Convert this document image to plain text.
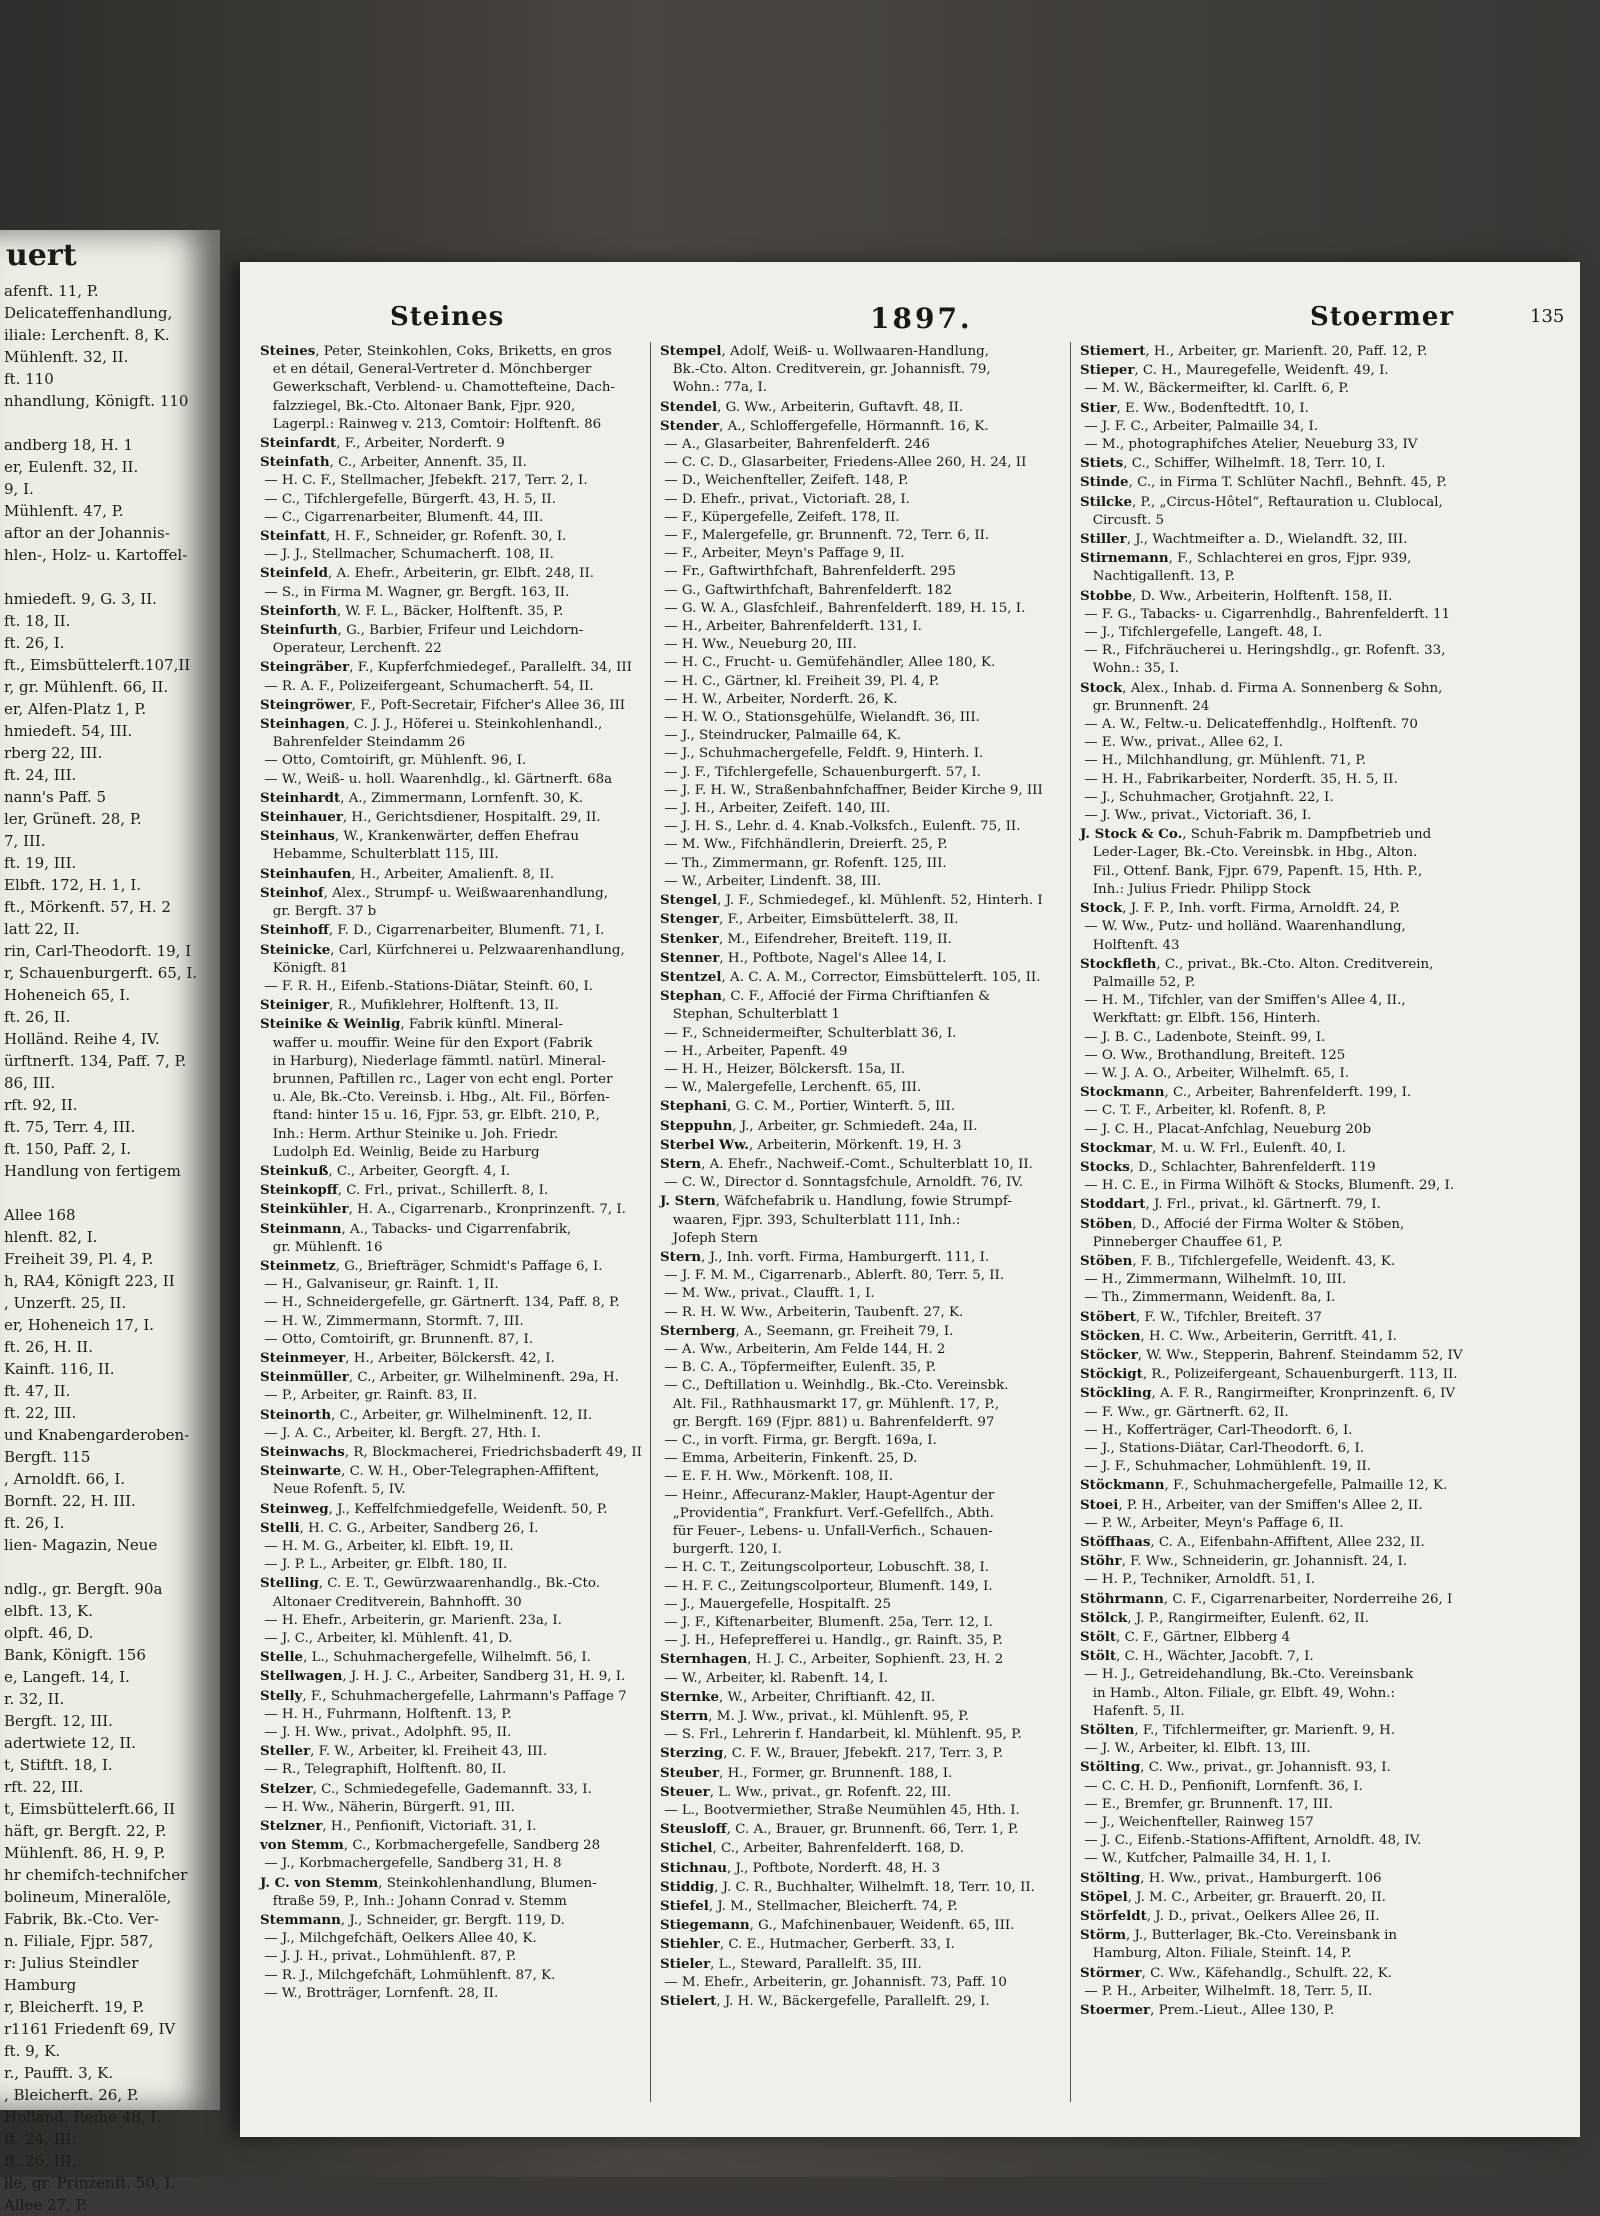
uert
afenft. 11, P.
Delicateffenhandlung,
iliale: Lerchenft. 8, K.
Mühlenft. 32, II.
ft. 110
nhandlung, Königft. 110

andberg 18, H. 1
er, Eulenft. 32, II.
9, I.
Mühlenft. 47, P.
aftor an der Johannis-
hlen-, Holz- u. Kartoffel-

hmiedeft. 9, G. 3, II.
ft. 18, II.
ft. 26, I.
ft., Eimsbüttelerft.107,II
r, gr. Mühlenft. 66, II.
er, Alfen-Platz 1, P.
hmiedeft. 54, III.
rberg 22, III.
ft. 24, III.
nann's Paff. 5
ler, Grüneft. 28, P.
7, III.
ft. 19, III.
Elbft. 172, H. 1, I.
ft., Mörkenft. 57, H. 2
latt 22, II.
rin, Carl-Theodorft. 19, I
r, Schauenburgerft. 65, I.
Hoheneich 65, I.
ft. 26, II.
Holländ. Reihe 4, IV.
ürftnerft. 134, Paff. 7, P.
86, III.
rft. 92, II.
ft. 75, Terr. 4, III.
ft. 150, Paff. 2, I.
Handlung von fertigem

Allee 168
hlenft. 82, I.
Freiheit 39, Pl. 4, P.
h, RA4, Königft 223, II
, Unzerft. 25, II.
er, Hoheneich 17, I.
ft. 26, H. II.
Kainft. 116, II.
ft. 47, II.
ft. 22, III.
und Knabengarderoben-
Bergft. 115
, Arnoldft. 66, I.
Bornft. 22, H. III.
ft. 26, I.
lien- Magazin, Neue

ndlg., gr. Bergft. 90a
elbft. 13, K.
olpft. 46, D.
Bank, Königft. 156
e, Langeft. 14, I.
r. 32, II.
Bergft. 12, III.
adertwiete 12, II.
t, Stiftft. 18, I.
rft. 22, III.
t, Eimsbüttelerft.66, II
häft, gr. Bergft. 22, P.
Mühlenft. 86, H. 9, P.
hr chemifch-technifcher
bolineum, Mineralöle,
Fabrik, Bk.-Cto. Ver-
n. Filiale, Fjpr. 587,
r: Julius Steindler
Hamburg
r, Bleicherft. 19, P.
r1161 Friedenft 69, IV
ft. 9, K.
r., Paufft. 3, K.
, Bleicherft. 26, P.
Holländ. Reihe 48, I.
ft. 24, III.
ft. 26, III.
lle, gr. Prinzenft. 50, I.
Allee 27, P.
Steines	1897.	Stoermer	135
Steines, Peter, Steinkohlen, Coks, Briketts, en gros
et en détail, General-Vertreter d. Mönchberger
Gewerkschaft, Verblend- u. Chamottefteine, Dach-
falzziegel, Bk.-Cto. Altonaer Bank, Fjpr. 920,
Lagerpl.: Rainweg v. 213, Comtoir: Holftenft. 86
Steinfardt, F., Arbeiter, Norderft. 9
Steinfath, C., Arbeiter, Annenft. 35, II.
— H. C. F., Stellmacher, Jfebekft. 217, Terr. 2, I.
— C., Tifchlergefelle, Bürgerft. 43, H. 5, II.
— C., Cigarrenarbeiter, Blumenft. 44, III.
Steinfatt, H. F., Schneider, gr. Rofenft. 30, I.
— J. J., Stellmacher, Schumacherft. 108, II.
Steinfeld, A. Ehefr., Arbeiterin, gr. Elbft. 248, II.
— S., in Firma M. Wagner, gr. Bergft. 163, II.
Steinforth, W. F. L., Bäcker, Holftenft. 35, P.
Steinfurth, G., Barbier, Frifeur und Leichdorn-
Operateur, Lerchenft. 22
Steingräber, F., Kupferfchmiedegef., Parallelft. 34, III
— R. A. F., Polizeifergeant, Schumacherft. 54, II.
Steingröwer, F., Poft-Secretair, Fifcher's Allee 36, III
Steinhagen, C. J. J., Höferei u. Steinkohlenhandl.,
Bahrenfelder Steindamm 26
— Otto, Comtoirift, gr. Mühlenft. 96, I.
— W., Weiß- u. holl. Waarenhdlg., kl. Gärtnerft. 68a
Steinhardt, A., Zimmermann, Lornfenft. 30, K.
Steinhauer, H., Gerichtsdiener, Hospitalft. 29, II.
Steinhaus, W., Krankenwärter, deffen Ehefrau
Hebamme, Schulterblatt 115, III.
Steinhaufen, H., Arbeiter, Amalienft. 8, II.
Steinhof, Alex., Strumpf- u. Weißwaarenhandlung,
gr. Bergft. 37 b
Steinhoff, F. D., Cigarrenarbeiter, Blumenft. 71, I.
Steinicke, Carl, Kürfchnerei u. Pelzwaarenhandlung,
Königft. 81
— F. R. H., Eifenb.-Stations-Diätar, Steinft. 60, I.
Steiniger, R., Mufiklehrer, Holftenft. 13, II.
Steinike & Weinlig, Fabrik künftl. Mineral-
waffer u. mouffir. Weine für den Export (Fabrik
in Harburg), Niederlage fämmtl. natürl. Mineral-
brunnen, Paftillen rc., Lager von echt engl. Porter
u. Ale, Bk.-Cto. Vereinsb. i. Hbg., Alt. Fil., Börfen-
ftand: hinter 15 u. 16, Fjpr. 53, gr. Elbft. 210, P.,
Inh.: Herm. Arthur Steinike u. Joh. Friedr.
Ludolph Ed. Weinlig, Beide zu Harburg
Steinkuß, C., Arbeiter, Georgft. 4, I.
Steinkopff, C. Frl., privat., Schillerft. 8, I.
Steinkühler, H. A., Cigarrenarb., Kronprinzenft. 7, I.
Steinmann, A., Tabacks- und Cigarrenfabrik,
gr. Mühlenft. 16
Steinmetz, G., Briefträger, Schmidt's Paffage 6, I.
— H., Galvaniseur, gr. Rainft. 1, II.
— H., Schneidergefelle, gr. Gärtnerft. 134, Paff. 8, P.
— H. W., Zimmermann, Stormft. 7, III.
— Otto, Comtoirift, gr. Brunnenft. 87, I.
Steinmeyer, H., Arbeiter, Bölckersft. 42, I.
Steinmüller, C., Arbeiter, gr. Wilhelminenft. 29a, H.
— P., Arbeiter, gr. Rainft. 83, II.
Steinorth, C., Arbeiter, gr. Wilhelminenft. 12, II.
— J. A. C., Arbeiter, kl. Bergft. 27, Hth. I.
Steinwachs, R, Blockmacherei, Friedrichsbaderft 49, II
Steinwarte, C. W. H., Ober-Telegraphen-Affiftent,
Neue Rofenft. 5, IV.
Steinweg, J., Keffelfchmiedgefelle, Weidenft. 50, P.
Stelli, H. C. G., Arbeiter, Sandberg 26, I.
— H. M. G., Arbeiter, kl. Elbft. 19, II.
— J. P. L., Arbeiter, gr. Elbft. 180, II.
Stelling, C. E. T., Gewürzwaarenhandlg., Bk.-Cto.
Altonaer Creditverein, Bahnhofft. 30
— H. Ehefr., Arbeiterin, gr. Marienft. 23a, I.
— J. C., Arbeiter, kl. Mühlenft. 41, D.
Stelle, L., Schuhmachergefelle, Wilhelmft. 56, I.
Stellwagen, J. H. J. C., Arbeiter, Sandberg 31, H. 9, I.
Stelly, F., Schuhmachergefelle, Lahrmann's Paffage 7
— H. H., Fuhrmann, Holftenft. 13, P.
— J. H. Ww., privat., Adolphft. 95, II.
Steller, F. W., Arbeiter, kl. Freiheit 43, III.
— R., Telegraphift, Holftenft. 80, II.
Stelzer, C., Schmiedegefelle, Gademannft. 33, I.
— H. Ww., Näherin, Bürgerft. 91, III.
Stelzner, H., Penfionift, Victoriaft. 31, I.
von Stemm, C., Korbmachergefelle, Sandberg 28
— J., Korbmachergefelle, Sandberg 31, H. 8
J. C. von Stemm, Steinkohlenhandlung, Blumen-
ftraße 59, P., Inh.: Johann Conrad v. Stemm
Stemmann, J., Schneider, gr. Bergft. 119, D.
— J., Milchgefchäft, Oelkers Allee 40, K.
— J. J. H., privat., Lohmühlenft. 87, P.
— R. J., Milchgefchäft, Lohmühlenft. 87, K.
— W., Brotträger, Lornfenft. 28, II.
Stempel, Adolf, Weiß- u. Wollwaaren-Handlung,
Bk.-Cto. Alton. Creditverein, gr. Johannisft. 79,
Wohn.: 77a, I.
Stendel, G. Ww., Arbeiterin, Guftavft. 48, II.
Stender, A., Schloffergefelle, Hörmannft. 16, K.
— A., Glasarbeiter, Bahrenfelderft. 246
— C. C. D., Glasarbeiter, Friedens-Allee 260, H. 24, II
— D., Weichenfteller, Zeifeft. 148, P.
— D. Ehefr., privat., Victoriaft. 28, I.
— F., Küpergefelle, Zeifeft. 178, II.
— F., Malergefelle, gr. Brunnenft. 72, Terr. 6, II.
— F., Arbeiter, Meyn's Paffage 9, II.
— Fr., Gaftwirthfchaft, Bahrenfelderft. 295
— G., Gaftwirthfchaft, Bahrenfelderft. 182
— G. W. A., Glasfchleif., Bahrenfelderft. 189, H. 15, I.
— H., Arbeiter, Bahrenfelderft. 131, I.
— H. Ww., Neueburg 20, III.
— H. C., Frucht- u. Gemüfehändler, Allee 180, K.
— H. C., Gärtner, kl. Freiheit 39, Pl. 4, P.
— H. W., Arbeiter, Norderft. 26, K.
— H. W. O., Stationsgehülfe, Wielandft. 36, III.
— J., Steindrucker, Palmaille 64, K.
— J., Schuhmachergefelle, Feldft. 9, Hinterh. I.
— J. F., Tifchlergefelle, Schauenburgerft. 57, I.
— J. F. H. W., Straßenbahnfchaffner, Beider Kirche 9, III
— J. H., Arbeiter, Zeifeft. 140, III.
— J. H. S., Lehr. d. 4. Knab.-Volksfch., Eulenft. 75, II.
— M. Ww., Fifchhändlerin, Dreierft. 25, P.
— Th., Zimmermann, gr. Rofenft. 125, III.
— W., Arbeiter, Lindenft. 38, III.
Stengel, J. F., Schmiedegef., kl. Mühlenft. 52, Hinterh. I
Stenger, F., Arbeiter, Eimsbüttelerft. 38, II.
Stenker, M., Eifendreher, Breiteft. 119, II.
Stenner, H., Poftbote, Nagel's Allee 14, I.
Stentzel, A. C. A. M., Corrector, Eimsbüttelerft. 105, II.
Stephan, C. F., Affocié der Firma Chriftianfen &
Stephan, Schulterblatt 1
— F., Schneidermeifter, Schulterblatt 36, I.
— H., Arbeiter, Papenft. 49
— H. H., Heizer, Bölckersft. 15a, II.
— W., Malergefelle, Lerchenft. 65, III.
Stephani, G. C. M., Portier, Winterft. 5, III.
Steppuhn, J., Arbeiter, gr. Schmiedeft. 24a, II.
Sterbel Ww., Arbeiterin, Mörkenft. 19, H. 3
Stern, A. Ehefr., Nachweif.-Comt., Schulterblatt 10, II.
— C. W., Director d. Sonntagsfchule, Arnoldft. 76, IV.
J. Stern, Wäfchefabrik u. Handlung, fowie Strumpf-
waaren, Fjpr. 393, Schulterblatt 111, Inh.:
Jofeph Stern
Stern, J., Inh. vorft. Firma, Hamburgerft. 111, I.
— J. F. M. M., Cigarrenarb., Ablerft. 80, Terr. 5, II.
— M. Ww., privat., Claufft. 1, I.
— R. H. W. Ww., Arbeiterin, Taubenft. 27, K.
Sternberg, A., Seemann, gr. Freiheit 79, I.
— A. Ww., Arbeiterin, Am Felde 144, H. 2
— B. C. A., Töpfermeifter, Eulenft. 35, P.
— C., Deftillation u. Weinhdlg., Bk.-Cto. Vereinsbk.
Alt. Fil., Rathhausmarkt 17, gr. Mühlenft. 17, P.,
gr. Bergft. 169 (Fjpr. 881) u. Bahrenfelderft. 97
— C., in vorft. Firma, gr. Bergft. 169a, I.
— Emma, Arbeiterin, Finkenft. 25, D.
— E. F. H. Ww., Mörkenft. 108, II.
— Heinr., Affecuranz-Makler, Haupt-Agentur der
„Providentia“, Frankfurt. Verf.-Gefellfch., Abth.
für Feuer-, Lebens- u. Unfall-Verfich., Schauen-
burgerft. 120, I.
— H. C. T., Zeitungscolporteur, Lobuschft. 38, I.
— H. F. C., Zeitungscolporteur, Blumenft. 149, I.
— J., Mauergefelle, Hospitalft. 25
— J. F., Kiftenarbeiter, Blumenft. 25a, Terr. 12, I.
— J. H., Hefeprefferei u. Handlg., gr. Rainft. 35, P.
Sternhagen, H. J. C., Arbeiter, Sophienft. 23, H. 2
— W., Arbeiter, kl. Rabenft. 14, I.
Sternke, W., Arbeiter, Chriftianft. 42, II.
Sterrn, M. J. Ww., privat., kl. Mühlenft. 95, P.
— S. Frl., Lehrerin f. Handarbeit, kl. Mühlenft. 95, P.
Sterzing, C. F. W., Brauer, Jfebekft. 217, Terr. 3, P.
Steuber, H., Former, gr. Brunnenft. 188, I.
Steuer, L. Ww., privat., gr. Rofenft. 22, III.
— L., Bootvermiether, Straße Neumühlen 45, Hth. I.
Steusloff, C. A., Brauer, gr. Brunnenft. 66, Terr. 1, P.
Stichel, C., Arbeiter, Bahrenfelderft. 168, D.
Stichnau, J., Poftbote, Norderft. 48, H. 3
Stiddig, J. C. R., Buchhalter, Wilhelmft. 18, Terr. 10, II.
Stiefel, J. M., Stellmacher, Bleicherft. 74, P.
Stiegemann, G., Mafchinenbauer, Weidenft. 65, III.
Stiehler, C. E., Hutmacher, Gerberft. 33, I.
Stieler, L., Steward, Parallelft. 35, III.
— M. Ehefr., Arbeiterin, gr. Johannisft. 73, Paff. 10
Stielert, J. H. W., Bäckergefelle, Parallelft. 29, I.
Stiemert, H., Arbeiter, gr. Marienft. 20, Paff. 12, P.
Stieper, C. H., Mauregefelle, Weidenft. 49, I.
— M. W., Bäckermeifter, kl. Carlft. 6, P.
Stier, E. Ww., Bodenftedtft. 10, I.
— J. F. C., Arbeiter, Palmaille 34, I.
— M., photographifches Atelier, Neueburg 33, IV
Stiets, C., Schiffer, Wilhelmft. 18, Terr. 10, I.
Stinde, C., in Firma T. Schlüter Nachfl., Behnft. 45, P.
Stilcke, P., „Circus-Hôtel“, Reftauration u. Clublocal,
Circusft. 5
Stiller, J., Wachtmeifter a. D., Wielandft. 32, III.
Stirnemann, F., Schlachterei en gros, Fjpr. 939,
Nachtigallenft. 13, P.
Stobbe, D. Ww., Arbeiterin, Holftenft. 158, II.
— F. G., Tabacks- u. Cigarrenhdlg., Bahrenfelderft. 11
— J., Tifchlergefelle, Langeft. 48, I.
— R., Fifchräucherei u. Heringshdlg., gr. Rofenft. 33,
Wohn.: 35, I.
Stock, Alex., Inhab. d. Firma A. Sonnenberg & Sohn,
gr. Brunnenft. 24
— A. W., Feltw.-u. Delicateffenhdlg., Holftenft. 70
— E. Ww., privat., Allee 62, I.
— H., Milchhandlung, gr. Mühlenft. 71, P.
— H. H., Fabrikarbeiter, Norderft. 35, H. 5, II.
— J., Schuhmacher, Grotjahnft. 22, I.
— J. Ww., privat., Victoriaft. 36, I.
J. Stock & Co., Schuh-Fabrik m. Dampfbetrieb und
Leder-Lager, Bk.-Cto. Vereinsbk. in Hbg., Alton.
Fil., Ottenf. Bank, Fjpr. 679, Papenft. 15, Hth. P.,
Inh.: Julius Friedr. Philipp Stock
Stock, J. F. P., Inh. vorft. Firma, Arnoldft. 24, P.
— W. Ww., Putz- und holländ. Waarenhandlung,
Holftenft. 43
Stockfleth, C., privat., Bk.-Cto. Alton. Creditverein,
Palmaille 52, P.
— H. M., Tifchler, van der Smiffen's Allee 4, II.,
Werkftatt: gr. Elbft. 156, Hinterh.
— J. B. C., Ladenbote, Steinft. 99, I.
— O. Ww., Brothandlung, Breiteft. 125
— W. J. A. O., Arbeiter, Wilhelmft. 65, I.
Stockmann, C., Arbeiter, Bahrenfelderft. 199, I.
— C. T. F., Arbeiter, kl. Rofenft. 8, P.
— J. C. H., Placat-Anfchlag, Neueburg 20b
Stockmar, M. u. W. Frl., Eulenft. 40, I.
Stocks, D., Schlachter, Bahrenfelderft. 119
— H. C. E., in Firma Wilhöft & Stocks, Blumenft. 29, I.
Stoddart, J. Frl., privat., kl. Gärtnerft. 79, I.
Stöben, D., Affocié der Firma Wolter & Stöben,
Pinneberger Chauffee 61, P.
Stöben, F. B., Tifchlergefelle, Weidenft. 43, K.
— H., Zimmermann, Wilhelmft. 10, III.
— Th., Zimmermann, Weidenft. 8a, I.
Stöbert, F. W., Tifchler, Breiteft. 37
Stöcken, H. C. Ww., Arbeiterin, Gerritft. 41, I.
Stöcker, W. Ww., Stepperin, Bahrenf. Steindamm 52, IV
Stöckigt, R., Polizeifergeant, Schauenburgerft. 113, II.
Stöckling, A. F. R., Rangirmeifter, Kronprinzenft. 6, IV
— F. Ww., gr. Gärtnerft. 62, II.
— H., Kofferträger, Carl-Theodorft. 6, I.
— J., Stations-Diätar, Carl-Theodorft. 6, I.
— J. F., Schuhmacher, Lohmühlenft. 19, II.
Stöckmann, F., Schuhmachergefelle, Palmaille 12, K.
Stoei, P. H., Arbeiter, van der Smiffen's Allee 2, II.
— P. W., Arbeiter, Meyn's Paffage 6, II.
Stöffhaas, C. A., Eifenbahn-Affiftent, Allee 232, II.
Stöhr, F. Ww., Schneiderin, gr. Johannisft. 24, I.
— H. P., Techniker, Arnoldft. 51, I.
Stöhrmann, C. F., Cigarrenarbeiter, Norderreihe 26, I
Stölck, J. P., Rangirmeifter, Eulenft. 62, II.
Stölt, C. F., Gärtner, Elbberg 4
Stölt, C. H., Wächter, Jacobft. 7, I.
— H. J., Getreidehandlung, Bk.-Cto. Vereinsbank
in Hamb., Alton. Filiale, gr. Elbft. 49, Wohn.:
Hafenft. 5, II.
Stölten, F., Tifchlermeifter, gr. Marienft. 9, H.
— J. W., Arbeiter, kl. Elbft. 13, III.
Stölting, C. Ww., privat., gr. Johannisft. 93, I.
— C. C. H. D., Penfionift, Lornfenft. 36, I.
— E., Bremfer, gr. Brunnenft. 17, III.
— J., Weichenfteller, Rainweg 157
— J. C., Eifenb.-Stations-Affiftent, Arnoldft. 48, IV.
— W., Kutfcher, Palmaille 34, H. 1, I.
Stölting, H. Ww., privat., Hamburgerft. 106
Stöpel, J. M. C., Arbeiter, gr. Brauerft. 20, II.
Störfeldt, J. D., privat., Oelkers Allee 26, II.
Störm, J., Butterlager, Bk.-Cto. Vereinsbank in
Hamburg, Alton. Filiale, Steinft. 14, P.
Störmer, C. Ww., Käfehandlg., Schulft. 22, K.
— P. H., Arbeiter, Wilhelmft. 18, Terr. 5, II.
Stoermer, Prem.-Lieut., Allee 130, P.
